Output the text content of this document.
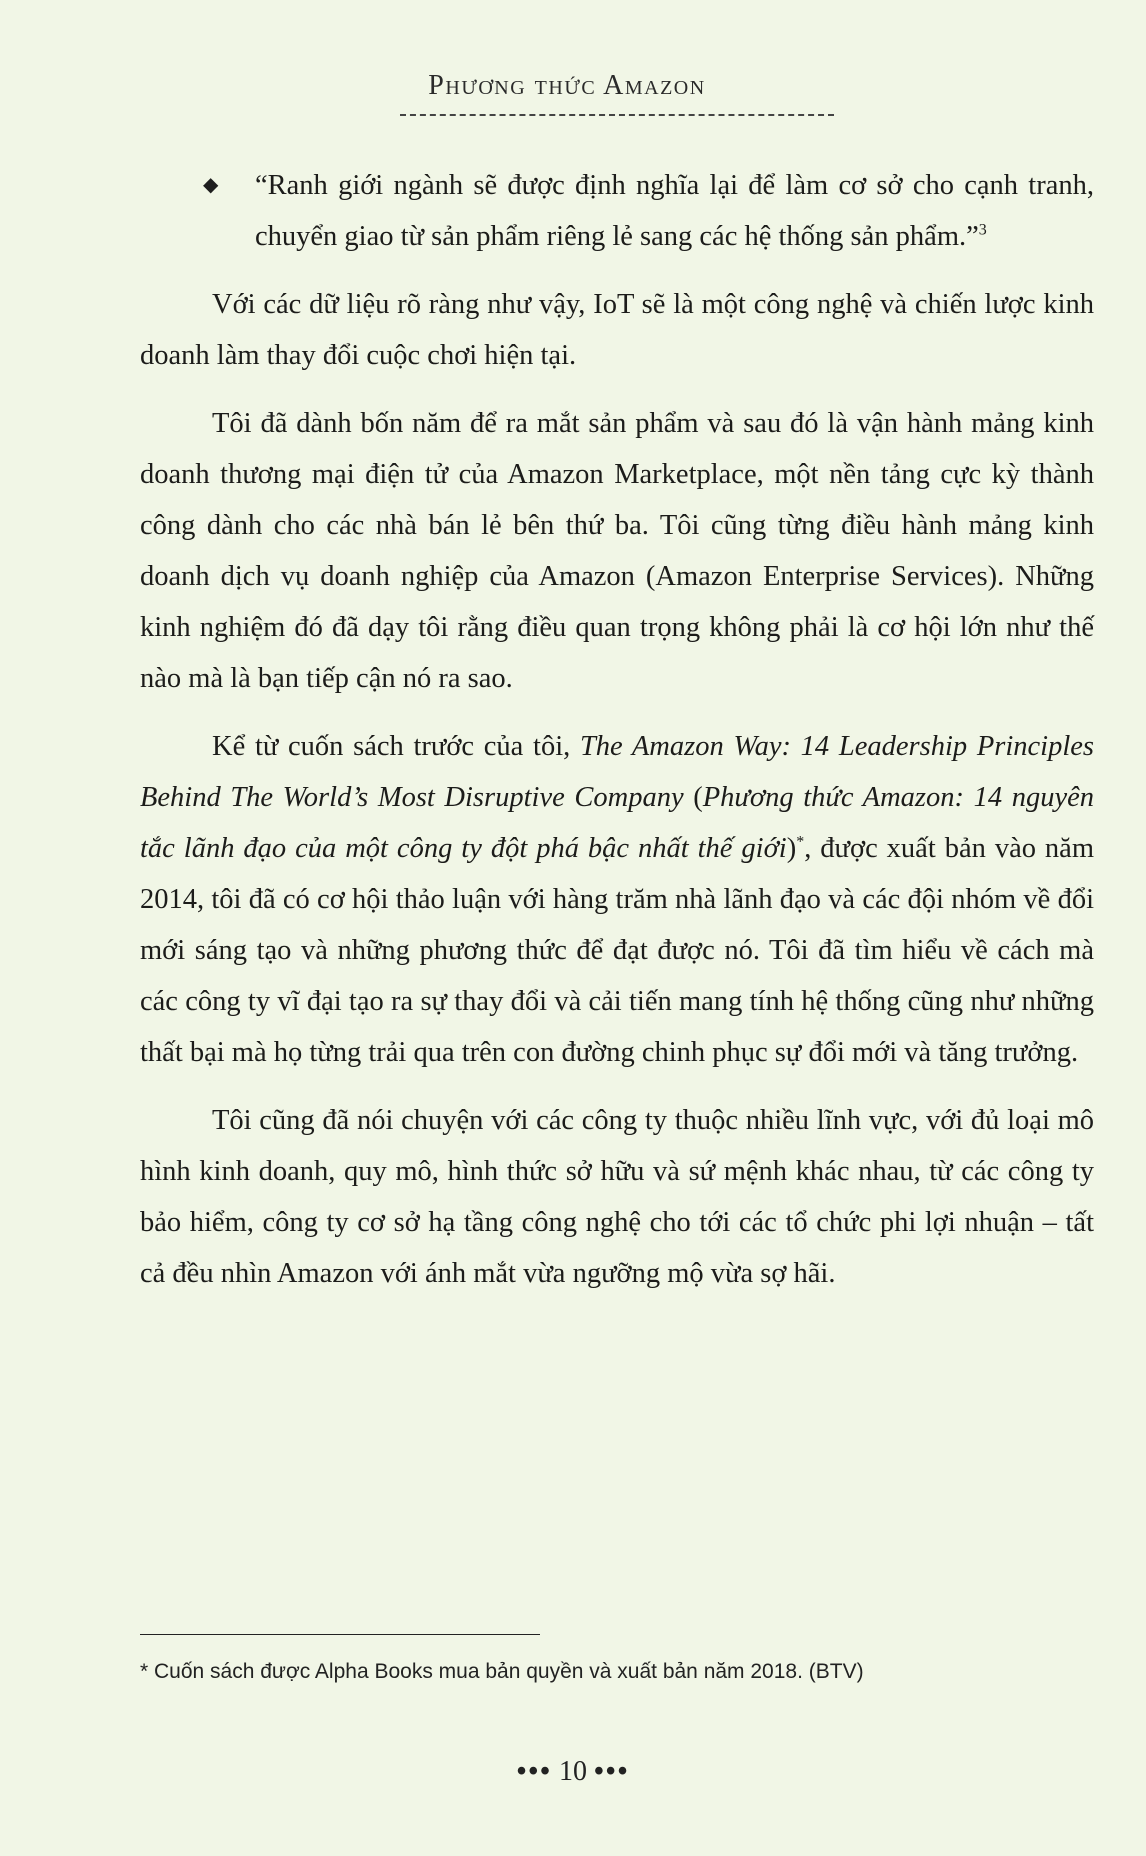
Phương thức Amazon
◆ “Ranh giới ngành sẽ được định nghĩa lại để làm cơ sở cho cạnh tranh, chuyển giao từ sản phẩm riêng lẻ sang các hệ thống sản phẩm.”$^3$

Với các dữ liệu rõ ràng như vậy, IoT sẽ là một công nghệ và chiến lược kinh doanh làm thay đổi cuộc chơi hiện tại.

Tôi đã dành bốn năm để ra mắt sản phẩm và sau đó là vận hành mảng kinh doanh thương mại điện tử của Amazon Marketplace, một nền tảng cực kỳ thành công dành cho các nhà bán lẻ bên thứ ba. Tôi cũng từng điều hành mảng kinh doanh dịch vụ doanh nghiệp của Amazon (Amazon Enterprise Services). Những kinh nghiệm đó đã dạy tôi rằng điều quan trọng không phải là cơ hội lớn như thế nào mà là bạn tiếp cận nó ra sao.

Kể từ cuốn sách trước của tôi, The Amazon Way: 14 Leadership Principles Behind The World’s Most Disruptive Company (Phương thức Amazon: 14 nguyên tắc lãnh đạo của một công ty đột phá bậc nhất thế giới)*, được xuất bản vào năm 2014, tôi đã có cơ hội thảo luận với hàng trăm nhà lãnh đạo và các đội nhóm về đổi mới sáng tạo và những phương thức để đạt được nó. Tôi đã tìm hiểu về cách mà các công ty vĩ đại tạo ra sự thay đổi và cải tiến mang tính hệ thống cũng như những thất bại mà họ từng trải qua trên con đường chinh phục sự đổi mới và tăng trưởng.

Tôi cũng đã nói chuyện với các công ty thuộc nhiều lĩnh vực, với đủ loại mô hình kinh doanh, quy mô, hình thức sở hữu và sứ mệnh khác nhau, từ các công ty bảo hiểm, công ty cơ sở hạ tầng công nghệ cho tới các tổ chức phi lợi nhuận – tất cả đều nhìn Amazon với ánh mắt vừa ngưỡng mộ vừa sợ hãi.

* Cuốn sách được Alpha Books mua bản quyền và xuất bản năm 2018. (BTV)
••• 10 •••
